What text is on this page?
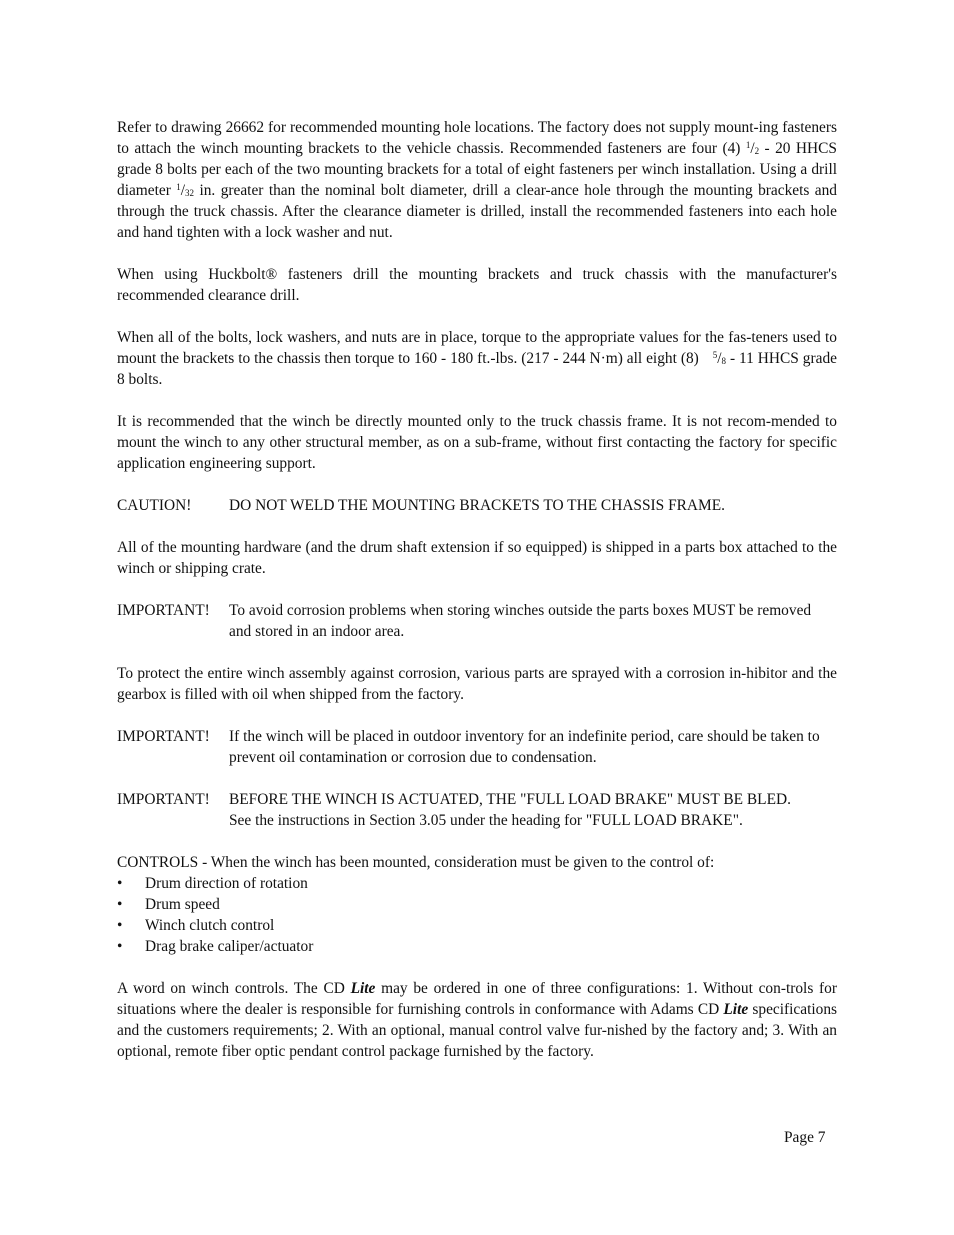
Refer to drawing 26662 for recommended mounting hole locations. The factory does not supply mount-ing fasteners to attach the winch mounting brackets to the vehicle chassis. Recommended fasteners are four (4) $^1/_2 - 20$ HHCS grade 8 bolts per each of the two mounting brackets for a total of eight fasteners per winch installation. Using a drill diameter $^1/_{32}$ in. greater than the nominal bolt diameter, drill a clear-ance hole through the mounting brackets and through the truck chassis. After the clearance diameter is drilled, install the recommended fasteners into each hole and hand tighten with a lock washer and nut.

When using Huckbolt® fasteners drill the mounting brackets and truck chassis with the manufacturer's recommended clearance drill.

When all of the bolts, lock washers, and nuts are in place, torque to the appropriate values for the fas-teners used to mount the brackets to the chassis then torque to 160 - 180 ft.-lbs. (217 - 244 N·m) all eight (8) $^5/_8 - 11$ HHCS grade 8 bolts.

It is recommended that the winch be directly mounted only to the truck chassis frame. It is not recom-mended to mount the winch to any other structural member, as on a sub-frame, without first contacting the factory for specific application engineering support.

CAUTION!	DO NOT WELD THE MOUNTING BRACKETS TO THE CHASSIS FRAME.

All of the mounting hardware (and the drum shaft extension if so equipped) is shipped in a parts box attached to the winch or shipping crate.

IMPORTANT!	To avoid corrosion problems when storing winches outside the parts boxes MUST be removed and stored in an indoor area.

To protect the entire winch assembly against corrosion, various parts are sprayed with a corrosion in-hibitor and the gearbox is filled with oil when shipped from the factory.

IMPORTANT!	If the winch will be placed in outdoor inventory for an indefinite period, care should be taken to prevent oil contamination or corrosion due to condensation.
IMPORTANT!	BEFORE THE WINCH IS ACTUATED, THE "FULL LOAD BRAKE" MUST BE BLED.
See the instructions in Section 3.05 under the heading for "FULL LOAD BRAKE".
CONTROLS - When the winch has been mounted, consideration must be given to the control of:
• Drum direction of rotation
• Drum speed
• Winch clutch control
• Drag brake caliper/actuator

A word on winch controls. The CD Lite may be ordered in one of three configurations: 1. Without con-trols for situations where the dealer is responsible for furnishing controls in conformance with Adams CD Lite specifications and the customers requirements; 2. With an optional, manual control valve fur-nished by the factory and; 3. With an optional, remote fiber optic pendant control package furnished by the factory.

Page 7
